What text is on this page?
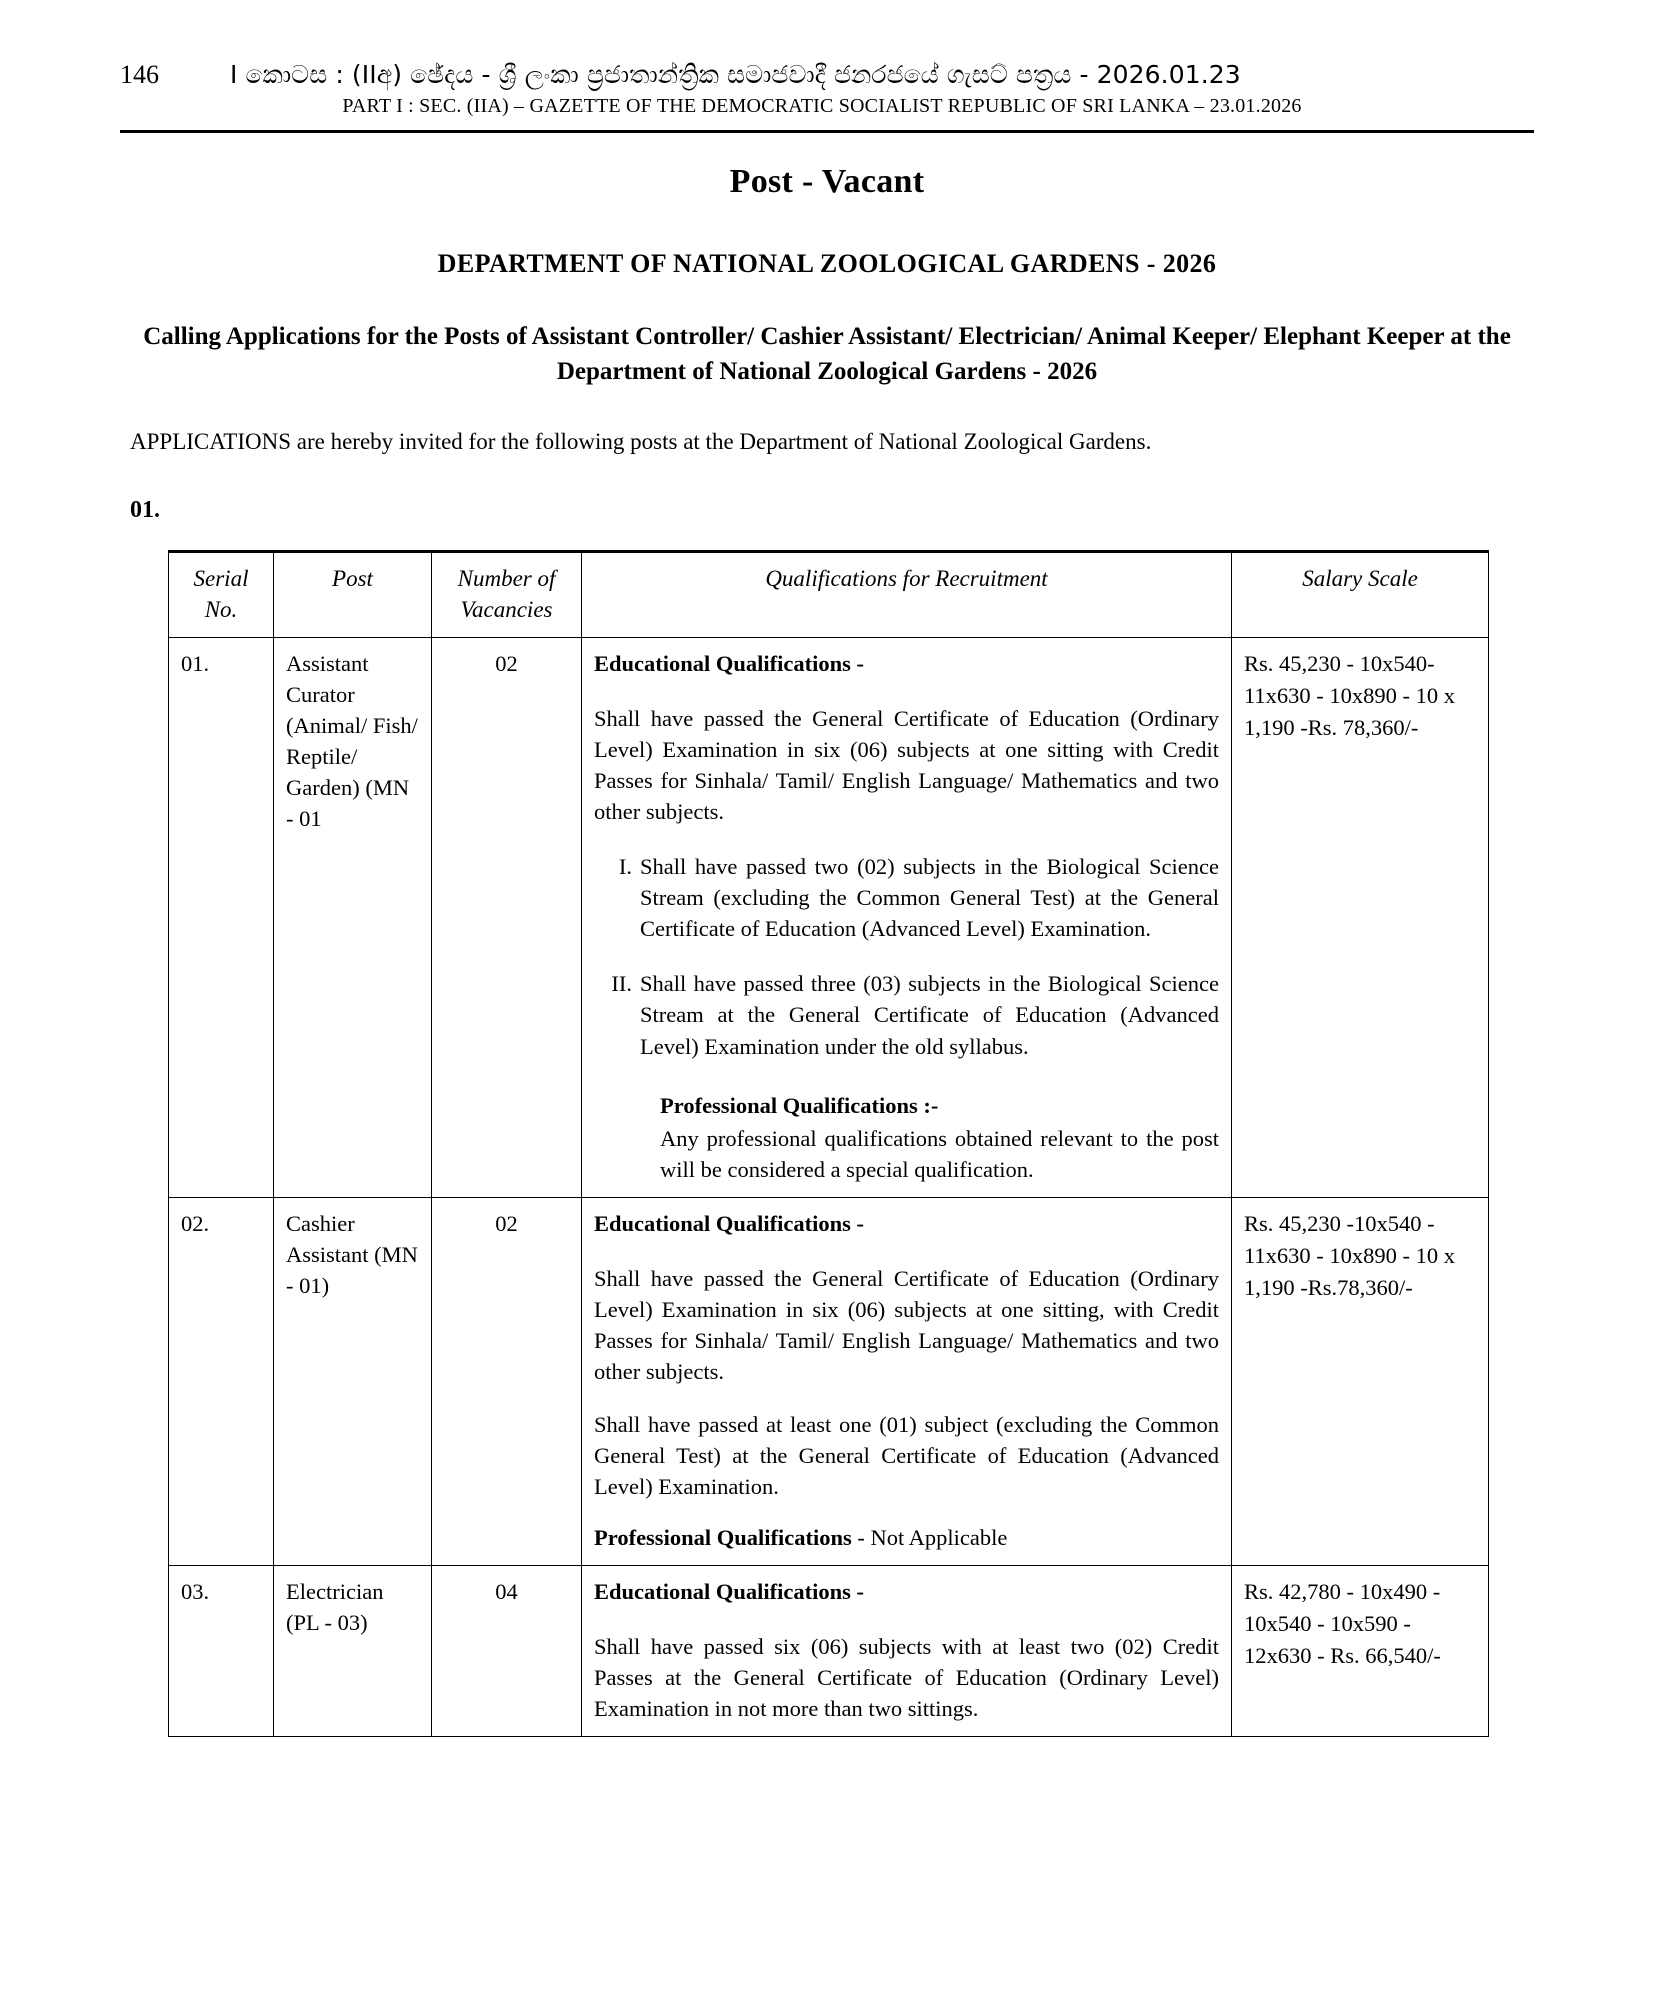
146	I කොටස : (IIඅ) ඡේදය - ශ්‍රී ලංකා ප්‍රජාතාන්ත්‍රික සමාජවාදී ජනරජයේ ගැසට් පත්‍රය - 2026.01.23
PART I : SEC. (IIA) – GAZETTE OF THE DEMOCRATIC SOCIALIST REPUBLIC OF SRI LANKA – 23.01.2026
Post - Vacant
DEPARTMENT OF NATIONAL ZOOLOGICAL GARDENS - 2026
Calling Applications for the Posts of Assistant Controller/ Cashier Assistant/ Electrician/ Animal Keeper/ Elephant Keeper at the Department of National Zoological Gardens - 2026
APPLICATIONS are hereby invited for the following posts at the Department of National Zoological Gardens.
01.
Serial
No.
	Post	Number of
Vacancies
	Qualifications for Recruitment	Salary Scale
01.	Assistant Curator (Animal/ Fish/ Reptile/ Garden) (MN - 01	02	Educational Qualifications -
Shall have passed the General Certificate of Education (Ordinary Level) Examination in six (06) subjects at one sitting with Credit Passes for Sinhala/ Tamil/ English Language/ Mathematics and two other subjects.
I. Shall have passed two (02) subjects in the Biological Science Stream (excluding the Common General Test) at the General Certificate of Education (Advanced Level) Examination.
II. Shall have passed three (03) subjects in the Biological Science Stream at the General Certificate of Education (Advanced Level) Examination under the old syllabus.
Professional Qualifications :-
Any professional qualifications obtained relevant to the post will be considered a special qualification.
	Rs. 45,230 - 10x540- 11x630 - 10x890 - 10 x 1,190 -Rs. 78,360/-
02.	Cashier Assistant (MN - 01)	02	Educational Qualifications -
Shall have passed the General Certificate of Education (Ordinary Level) Examination in six (06) subjects at one sitting, with Credit Passes for Sinhala/ Tamil/ English Language/ Mathematics and two other subjects.
Shall have passed at least one (01) subject (excluding the Common General Test) at the General Certificate of Education (Advanced Level) Examination.
Professional Qualifications - Not Applicable	Rs. 45,230 -10x540 - 11x630 - 10x890 - 10 x 1,190 -Rs.78,360/-
03.	Electrician (PL - 03)	04	Educational Qualifications -
Shall have passed six (06) subjects with at least two (02) Credit Passes at the General Certificate of Education (Ordinary Level) Examination in not more than two sittings.	Rs. 42,780 - 10x490 - 10x540 - 10x590 - 12x630 - Rs. 66,540/-
